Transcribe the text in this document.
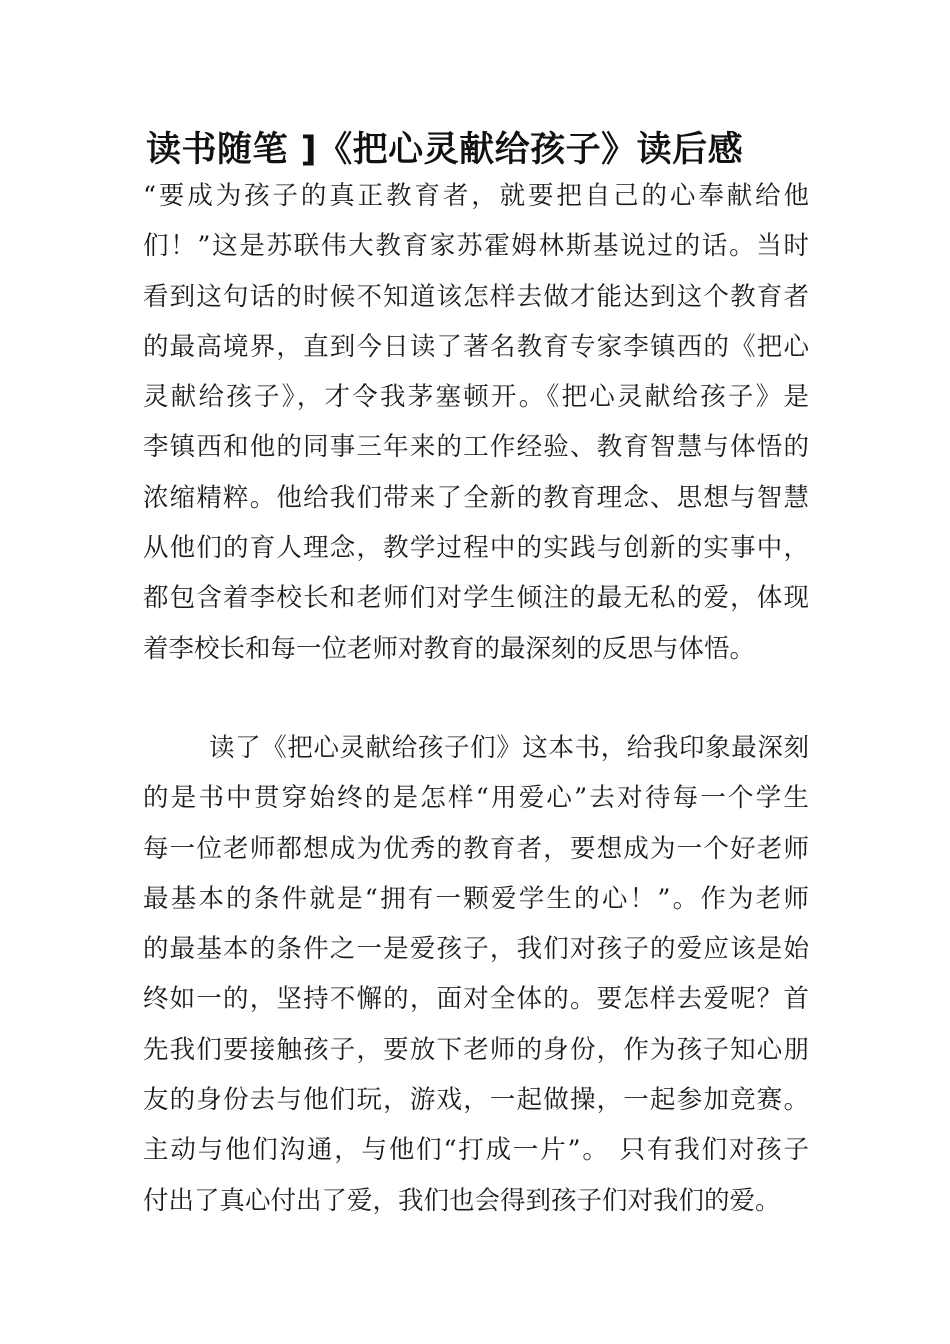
读书随笔 ]《把心灵献给孩子》读后感
“要成为孩子的真正教育者，就要把自己的心奉献给他
们！”这是苏联伟大教育家苏霍姆林斯基说过的话。当时
看到这句话的时候不知道该怎样去做才能达到这个教育者
的最高境界，直到今日读了著名教育专家李镇西的《把心
灵献给孩子》，才令我茅塞顿开。《把心灵献给孩子》是
李镇西和他的同事三年来的工作经验、教育智慧与体悟的
浓缩精粹。他给我们带来了全新的教育理念、思想与智慧
从他们的育人理念，教学过程中的实践与创新的实事中，
都包含着李校长和老师们对学生倾注的最无私的爱，体现
着李校长和每一位老师对教育的最深刻的反思与体悟。
读了《把心灵献给孩子们》这本书，给我印象最深刻
的是书中贯穿始终的是怎样“用爱心”去对待每一个学生
每一位老师都想成为优秀的教育者，要想成为一个好老师
最基本的条件就是“拥有一颗爱学生的心！”。作为老师
的最基本的条件之一是爱孩子，我们对孩子的爱应该是始
终如一的，坚持不懈的，面对全体的。要怎样去爱呢？首
先我们要接触孩子，要放下老师的身份，作为孩子知心朋
友的身份去与他们玩，游戏，一起做操，一起参加竞赛。
主动与他们沟通，与他们“打成一片”。 只有我们对孩子
付出了真心付出了爱，我们也会得到孩子们对我们的爱。
